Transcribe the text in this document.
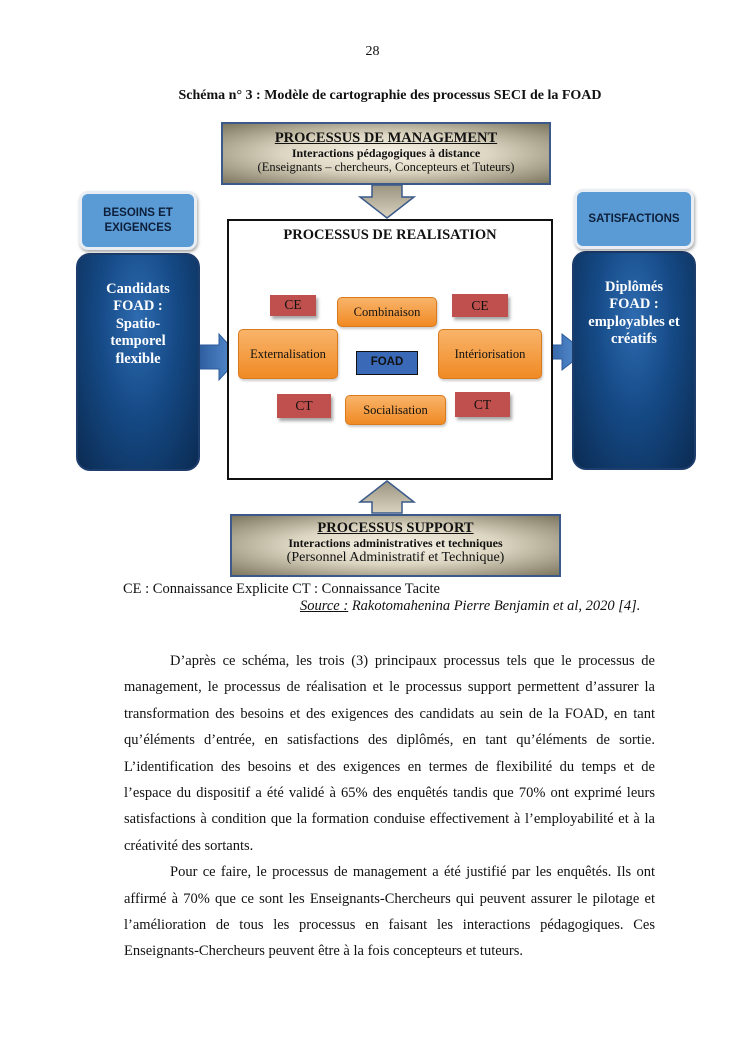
28
Schéma n° 3 : Modèle de cartographie des processus SECI de la FOAD
PROCESSUS DE MANAGEMENT
Interactions pédagogiques à distance
(Enseignants – chercheurs, Concepteurs et Tuteurs)
PROCESSUS SUPPORT
Interactions administratives et techniques
(Personnel Administratif et Technique)
Candidats
FOAD :
Spatio-
temporel
flexible
BESOINS ET
EXIGENCES
Diplômés
FOAD :
employables et
créatifs
SATISFACTIONS
PROCESSUS DE REALISATION
CE	CE
CT	CT
Combinaison
Externalisation	Intériorisation
Socialisation
FOAD
CE : Connaissance Explicite CT : Connaissance Tacite
Source : Rakotomahenina Pierre Benjamin et al, 2020 [4].

D’après ce schéma, les trois (3) principaux processus tels que le processus de management, le processus de réalisation et le processus support permettent d’assurer la transformation des besoins et des exigences des candidats au sein de la FOAD, en tant qu’éléments d’entrée, en satisfactions des diplômés, en tant qu’éléments de sortie. L’identification des besoins et des exigences en termes de flexibilité du temps et de l’espace du dispositif a été validé à 65% des enquêtés tandis que 70% ont exprimé leurs satisfactions à condition que la formation conduise effectivement à l’employabilité et à la créativité des sortants.

Pour ce faire, le processus de management a été justifié par les enquêtés. Ils ont affirmé à 70% que ce sont les Enseignants-Chercheurs qui peuvent assurer le pilotage et l’amélioration de tous les processus en faisant les interactions pédagogiques. Ces Enseignants-Chercheurs peuvent être à la fois concepteurs et tuteurs.
